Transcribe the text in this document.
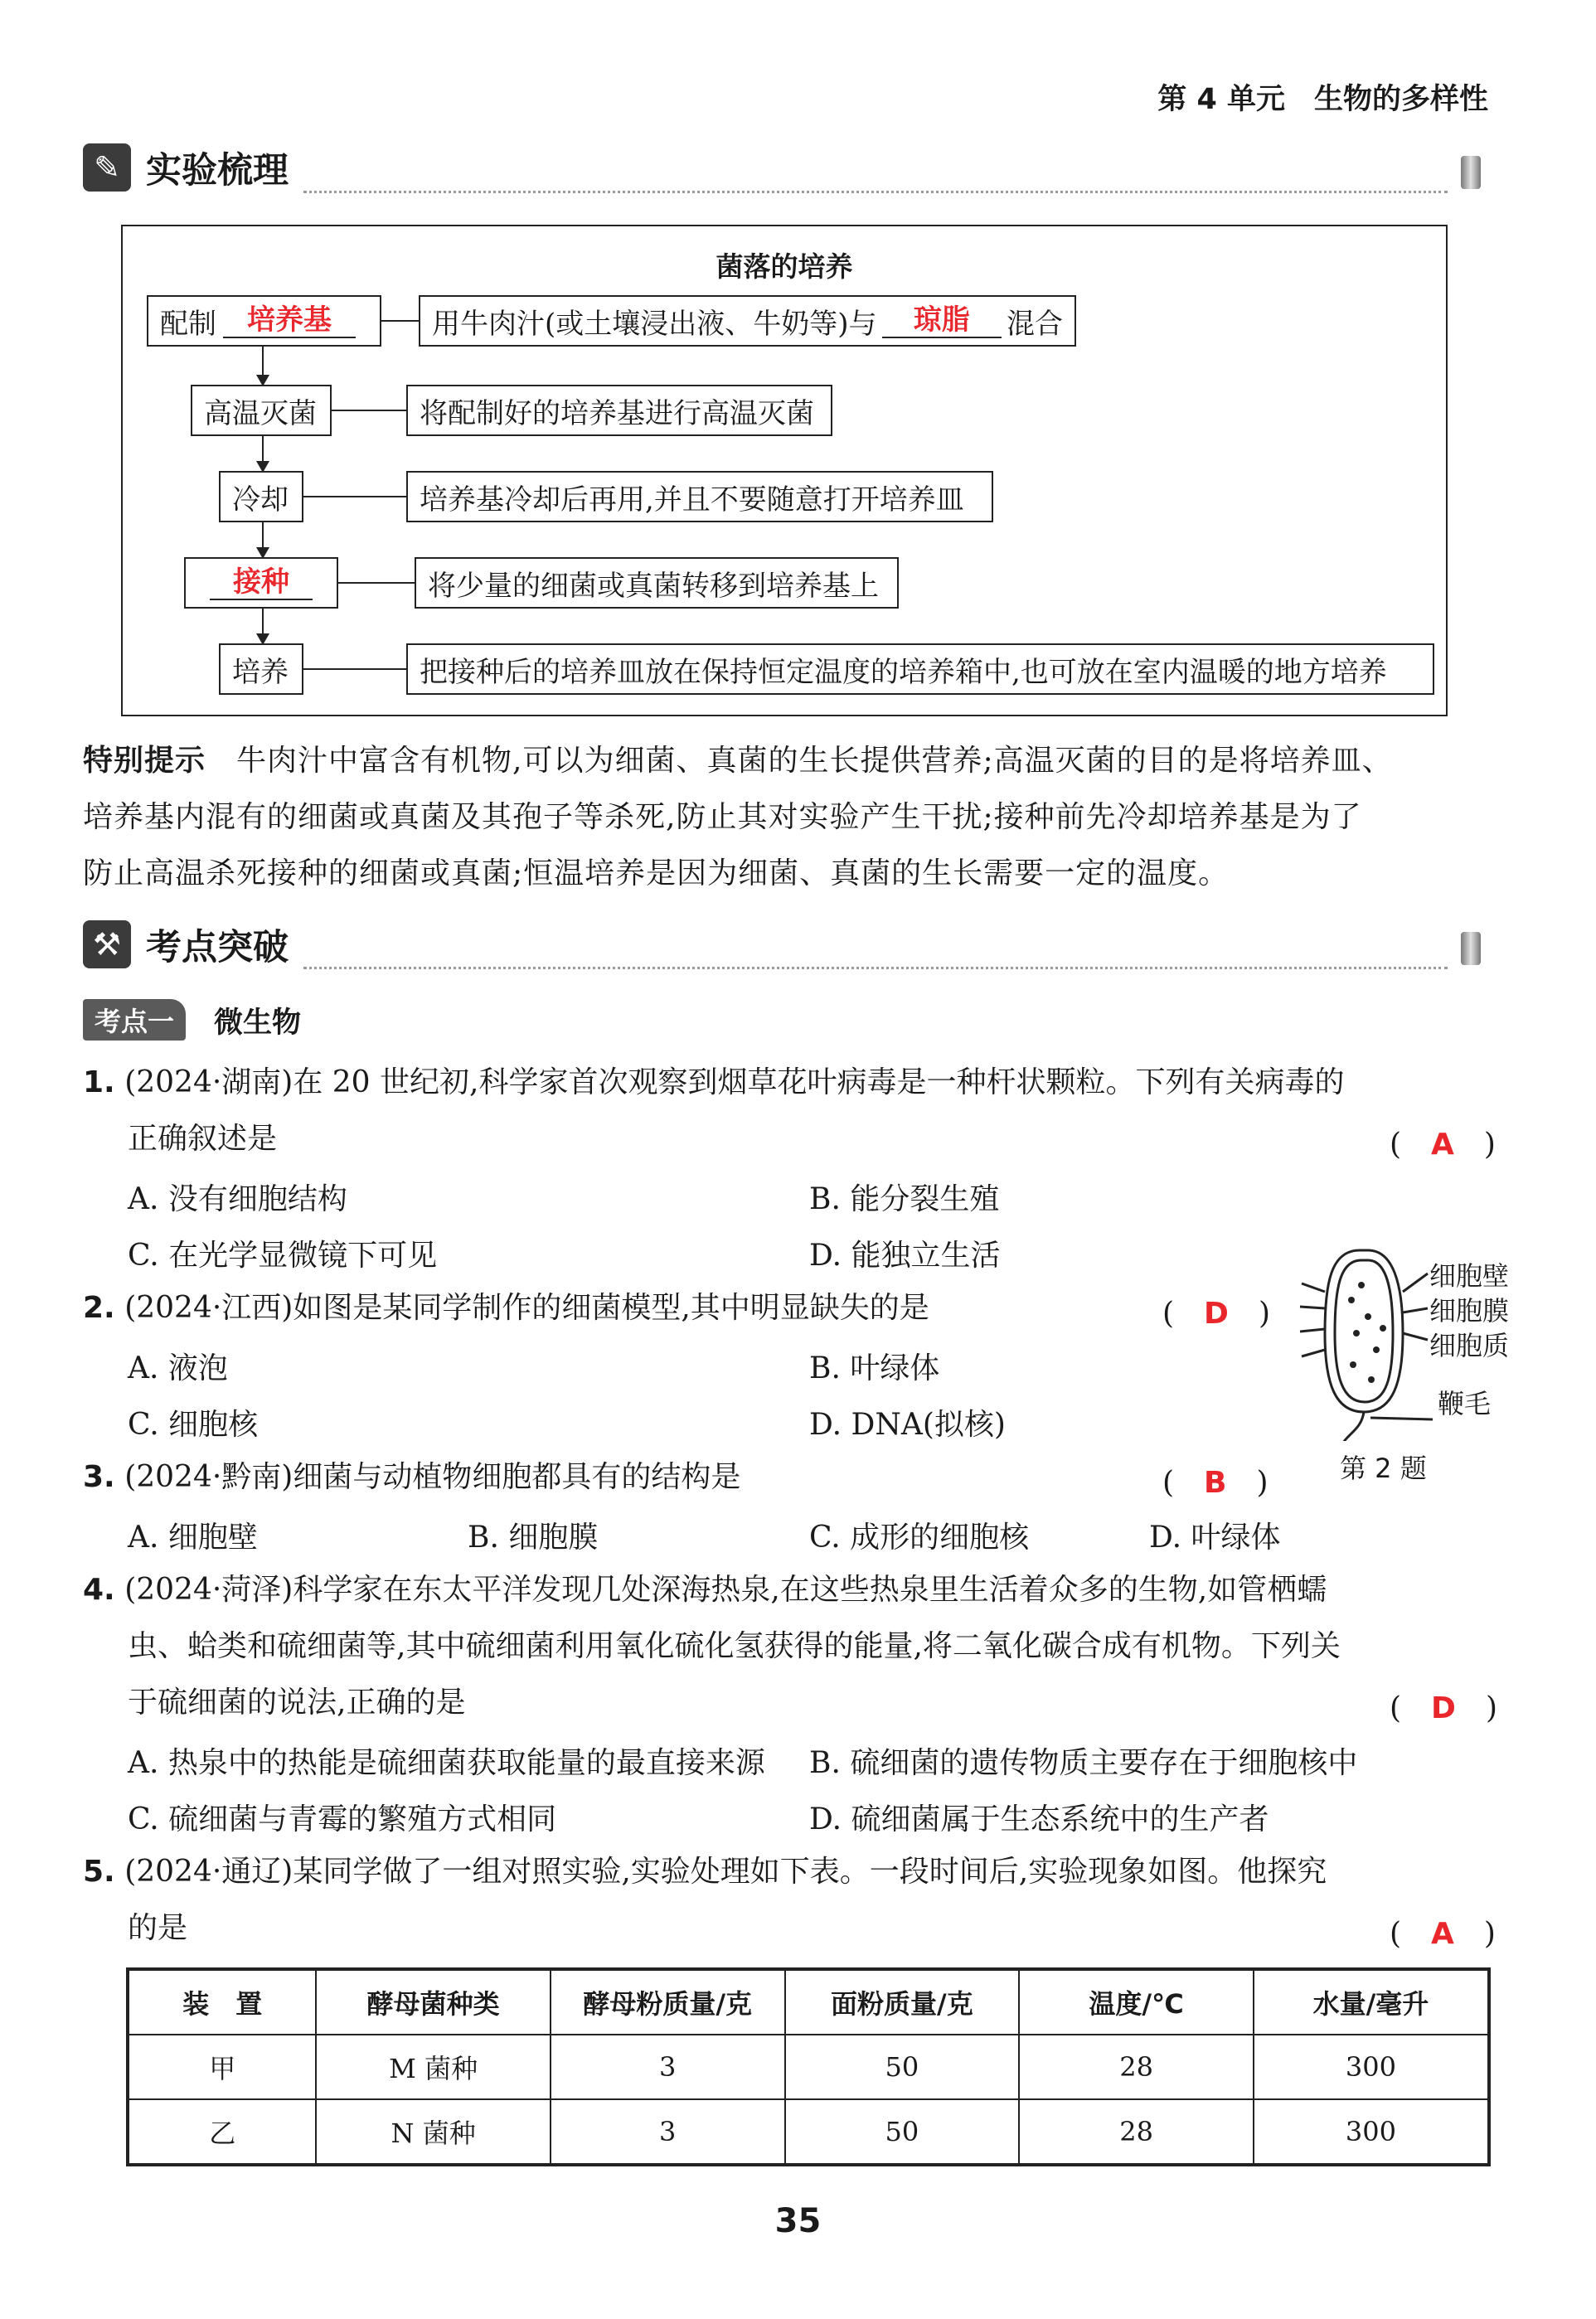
第 4 单元　生物的多样性
✎ 实验梳理
菌落的培养
配制	培养基	用牛肉汁(或土壤浸出液、牛奶等)与	琼脂	混合
高温灭菌	将配制好的培养基进行高温灭菌
冷却	培养基冷却后再用,并且不要随意打开培养皿
接种	将少量的细菌或真菌转移到培养基上
培养	把接种后的培养皿放在保持恒定温度的培养箱中,也可放在室内温暖的地方培养
特别提示　 牛肉汁中富含有机物,可以为细菌、真菌的生长提供营养;高温灭菌的目的是将培养皿、
培养基内混有的细菌或真菌及其孢子等杀死,防止其对实验产生干扰;接种前先冷却培养基是为了
防止高温杀死接种的细菌或真菌;恒温培养是因为细菌、真菌的生长需要一定的温度。
⚒ 考点突破
考点一	微生物
1. (2024·湖南)在 20 世纪初,科学家首次观察到烟草花叶病毒是一种杆状颗粒。下列有关病毒的
正确叙述是	(　A　)
A. 没有细胞结构	B. 能分裂生殖
C. 在光学显微镜下可见	D. 能独立生活
2. (2024·江西)如图是某同学制作的细菌模型,其中明显缺失的是	(　D　)
A. 液泡	B. 叶绿体
C. 细胞核	D. DNA(拟核)
细胞壁
细胞膜
细胞质
鞭毛
第 2 题
3. (2024·黔南)细菌与动植物细胞都具有的结构是	(　B　)
A. 细胞壁	B. 细胞膜	C. 成形的细胞核	D. 叶绿体
4. (2024·菏泽)科学家在东太平洋发现几处深海热泉,在这些热泉里生活着众多的生物,如管栖蠕
虫、蛤类和硫细菌等,其中硫细菌利用氧化硫化氢获得的能量,将二氧化碳合成有机物。下列关
于硫细菌的说法,正确的是	(　D　)
A. 热泉中的热能是硫细菌获取能量的最直接来源 B. 硫细菌的遗传物质主要存在于细胞核中
C. 硫细菌与青霉的繁殖方式相同	D. 硫细菌属于生态系统中的生产者
5. (2024·通辽)某同学做了一组对照实验,实验处理如下表。一段时间后,实验现象如图。他探究
的是	(　A　)
装　置	酵母菌种类	酵母粉质量/克	面粉质量/克	温度/℃	水量/毫升
甲	M 菌种	3	50	28	300
乙	N 菌种	3	50	28	300
35
